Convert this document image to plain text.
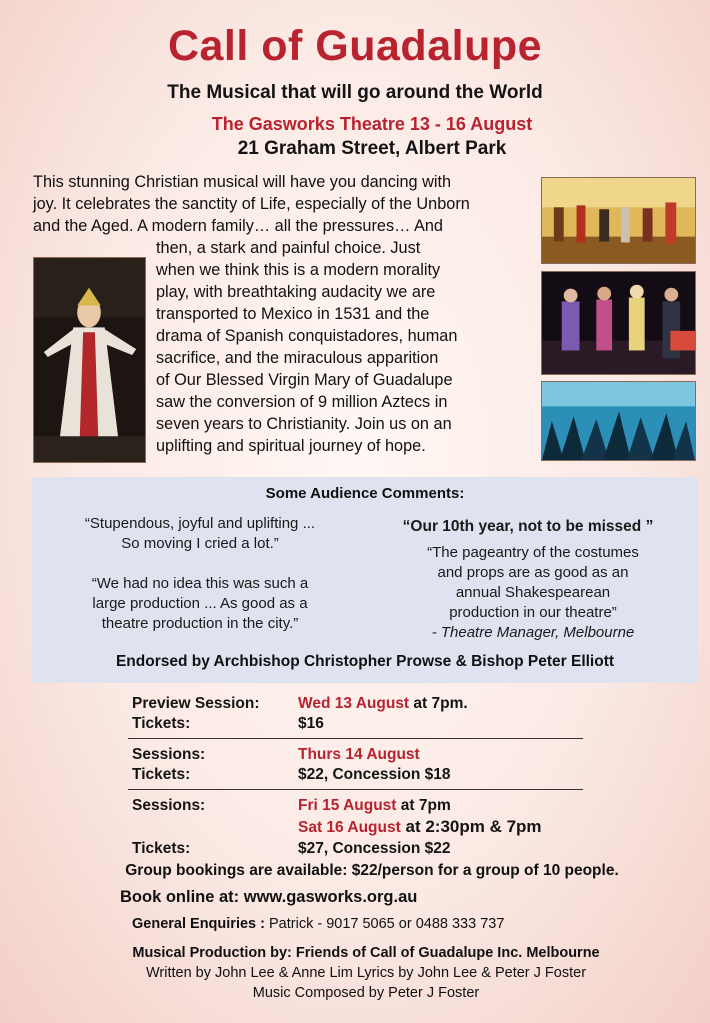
Call of Guadalupe
The Musical that will go around the World
The Gasworks Theatre 13 - 16 August
21 Graham Street, Albert Park
This stunning Christian musical will have you dancing with
joy. It celebrates the sanctity of Life, especially of the Unborn
and the Aged. A modern family… all the pressures… And
then, a stark and painful choice. Just
when we think this is a modern morality
play, with breathtaking audacity we are
transported to Mexico in 1531 and the
drama of Spanish conquistadores, human
sacrifice, and the miraculous apparition
of Our Blessed Virgin Mary of Guadalupe
saw the conversion of 9 million Aztecs in
seven years to Christianity. Join us on an
uplifting and spiritual journey of hope.
Some Audience Comments:
“Stupendous, joyful and uplifting ...
So moving I cried a lot.”
“We had no idea this was such a
large production ... As good as a
theatre production in the city.”
“Our 10th year, not to be missed ”
“The pageantry of the costumes
and props are as good as an
annual Shakespearean
production in our theatre”
- Theatre Manager, Melbourne
Endorsed by Archbishop Christopher Prowse & Bishop Peter Elliott
Preview Session: Wed 13 August at 7pm.
Tickets:	$16
Sessions:	Thurs 14 August
Tickets:	$22, Concession $18
Sessions:	Fri 15 August at 7pm
Sat 16 August at 2:30pm & 7pm
Tickets:	$27, Concession $22
Group bookings are available: $22/person for a group of 10 people.
Book online at: www.gasworks.org.au
General Enquiries : Patrick - 9017 5065 or 0488 333 737
Musical Production by: Friends of Call of Guadalupe Inc. Melbourne
Written by John Lee & Anne Lim Lyrics by John Lee & Peter J Foster
Music Composed by Peter J Foster
